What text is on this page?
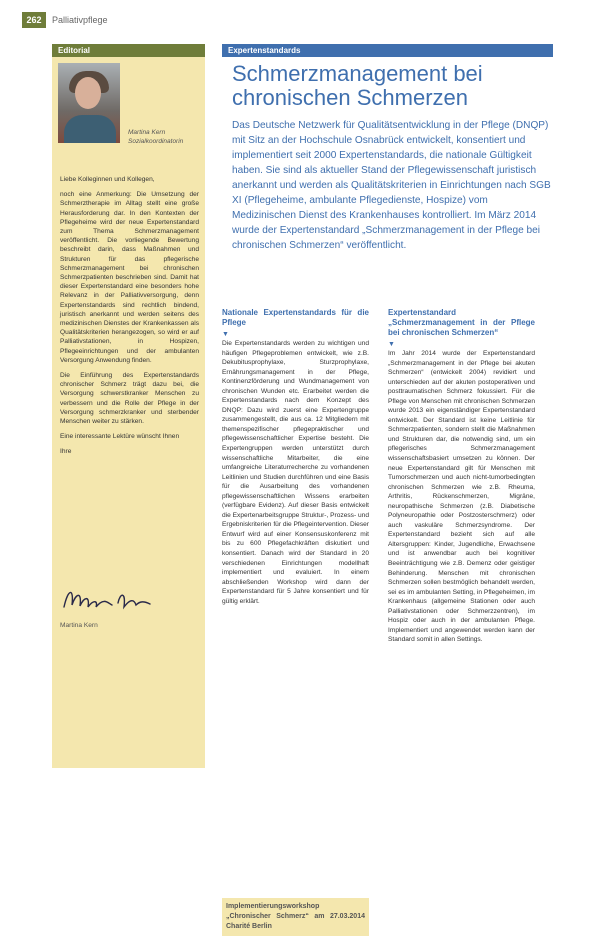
262	Palliativpflege
Editorial
Martina Kern
Sozialkoordinatorin

Liebe Kolleginnen und Kollegen,

noch eine Anmerkung: Die Umsetzung der Schmerztherapie im Alltag stellt eine große Herausforderung dar. In den Kontexten der Pflegeheime wird der neue Expertenstandard zum Thema Schmerzmanagement veröffentlicht. Die vorliegende Bewertung beschreibt darin, dass Maßnahmen und Strukturen für das pflegerische Schmerzmanagement bei chronischen Schmerzpatienten beschrieben sind. Damit hat dieser Expertenstandard eine besonders hohe Relevanz in der Palliativversorgung, denn Expertenstandards sind rechtlich bindend, juristisch anerkannt und werden seitens des medizinischen Dienstes der Krankenkassen als Qualitätskriterien herangezogen, so wird er auf Palliativstationen, in Hospizen, Pflegeeinrichtungen und der ambulanten Versorgung Anwendung finden.

Die Einführung des Expertenstandards chronischer Schmerz trägt dazu bei, die Versorgung schwerstkranker Menschen zu verbessern und die Rolle der Pflege in der Versorgung schmerzkranker und sterbender Menschen weiter zu stärken.

Eine interessante Lektüre wünscht Ihnen

Ihre

Martina Kern
Expertenstandards
Schmerzmanagement bei
chronischen Schmerzen
Das Deutsche Netzwerk für Qualitätsentwicklung in der Pflege (DNQP) mit Sitz an der Hochschule Osnabrück entwickelt, konsentiert und implementiert seit 2000 Expertenstandards, die nationale Gültigkeit haben. Sie sind als aktueller Stand der Pflegewissenschaft juristisch anerkannt und werden als Qualitätskriterien in Einrichtungen nach SGB XI (Pflegeheime, ambulante Pflegedienste, Hospize) vom Medizinischen Dienst des Krankenhauses kontrolliert. Im März 2014 wurde der Expertenstandard „Schmerzmanagement in der Pflege bei chronischen Schmerzen“ veröffentlicht.
Nationale Expertenstandards für die Pflege
▼
Die Expertenstandards werden zu wichtigen und häufigen Pflegeproblemen entwickelt, wie z.B. Dekubitusprophylaxe, Sturzprophylaxe, Ernährungsmanagement in der Pflege, Kontinenzförderung und Wundmanagement von chronischen Wunden etc. Erarbeitet werden die Expertenstandards nach dem Konzept des DNQP: Dazu wird zuerst eine Expertengruppe zusammengestellt, die aus ca. 12 Mitgliedern mit themenspezifischer pflegepraktischer und pflegewissenschaftlicher Expertise besteht. Die Expertengruppen werden unterstützt durch wissenschaftliche Mitarbeiter, die eine umfangreiche Literaturrecherche zu vorhandenen Leitlinien und Studien durchführen und eine Basis für die Ausarbeitung des vorhandenen pflegewissenschaftlichen Wissens erarbeiten (verfügbare Evidenz). Auf dieser Basis entwickelt die Expertenarbeitsgruppe Struktur-, Prozess- und Ergebniskriterien für die Pflegeintervention. Dieser Entwurf wird auf einer Konsensuskonferenz mit bis zu 600 Pflegefachkräften diskutiert und konsentiert. Danach wird der Standard in 20 verschiedenen Einrichtungen modellhaft implementiert und evaluiert. In einem abschließenden Workshop wird dann der Expertenstandard für 5 Jahre konsentiert und für gültig erklärt.
Implementierungsworkshop „Chronischer Schmerz“ am 27.03.2014 Charité Berlin
Expertenstandard „Schmerzmanagement in der Pflege bei chronischen Schmerzen“
▼
Im Jahr 2014 wurde der Expertenstandard „Schmerzmanagement in der Pflege bei akuten Schmerzen“ (entwickelt 2004) revidiert und unterschieden auf der akuten postoperativen und posttraumatischen Schmerz fokussiert. Für die Pflege von Menschen mit chronischen Schmerzen wurde 2013 ein eigenständiger Expertenstandard entwickelt. Der Standard ist keine Leitlinie für Schmerzpatienten, sondern stellt die Maßnahmen und Strukturen dar, die notwendig sind, um ein pflegerisches Schmerzmanagement wissenschaftsbasiert umsetzen zu können. Der neue Expertenstandard gilt für Menschen mit Tumorschmerzen und auch nicht-tumorbedingten chronischen Schmerzen wie z.B. Rheuma, Arthritis, Rückenschmerzen, Migräne, neuropathische Schmerzen (z.B. Diabetische Polyneuropathie oder Postzosterschmerz) oder auch vaskuläre Schmerzsyndrome. Der Expertenstandard bezieht sich auf alle Altersgruppen: Kinder, Jugendliche, Erwachsene und ist anwendbar auch bei kognitiver Beeinträchtigung wie z.B. Demenz oder geistiger Behinderung. Menschen mit chronischen Schmerzen sollen bestmöglich behandelt werden, sei es im ambulanten Setting, in Pflegeheimen, im Krankenhaus (allgemeine Stationen oder auch Palliativstationen oder Schmerzzentren), im Hospiz oder auch in der ambulanten Pflege. Implementiert und angewendet werden kann der Standard somit in allen Settings.
